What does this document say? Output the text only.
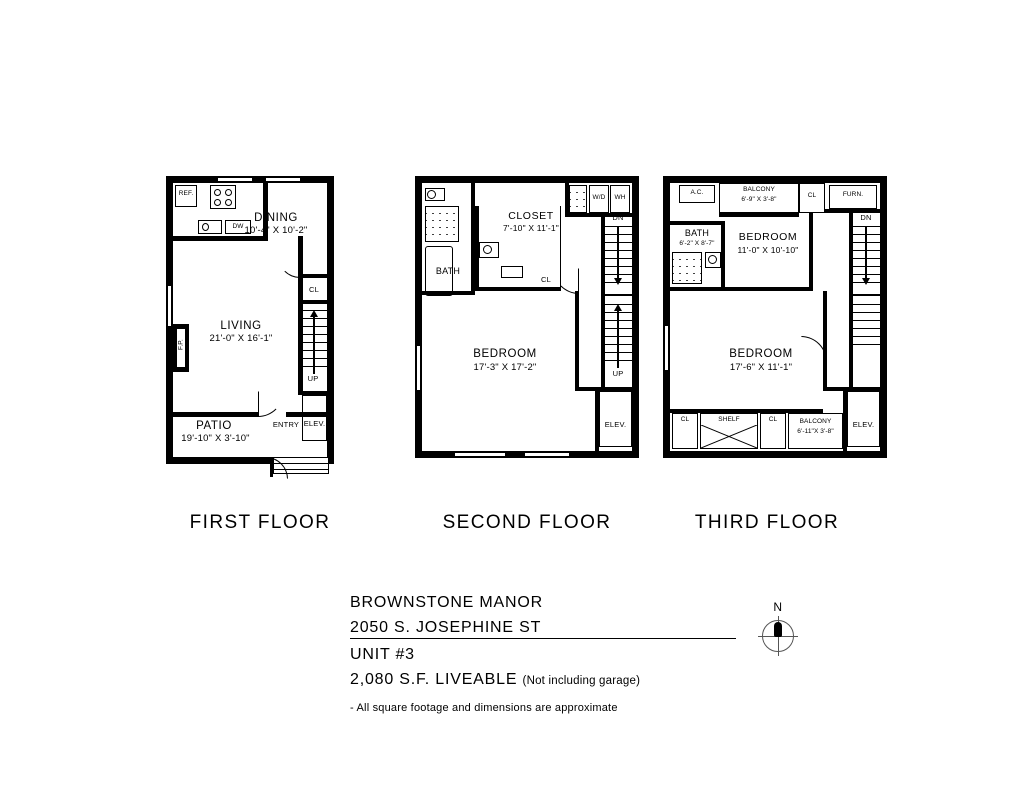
REF.
DW
F.P.
CL
UP
ELEV.
ENTRY
DINING
10'-4" X 10'-2"
LIVING
21'-0" X 16'-1"
PATIO
19'-10" X 3'-10"
BATH
CLOSET
7'-10" X 11'-1"
CL
W/D	WH
DN
UP
ELEV.
BEDROOM
17'-3" X 17'-2"
A.C.	BALCONY
6'-9" X 3'-8"
CL	FURN.
BATH
6'-2" X 8'-7"
BEDROOM
11'-0" X 10'-10"
DN
ELEV.
BEDROOM
17'-6" X 11'-1"
CL	SHELF	CL	BALCONY
6'-11"X 3'-8"
FIRST FLOOR	SECOND FLOOR	THIRD FLOOR
BROWNSTONE MANOR
2050 S. JOSEPHINE ST
UNIT #3
2,080 S.F. LIVEABLE (Not including garage)
- All square footage and dimensions are approximate
N
